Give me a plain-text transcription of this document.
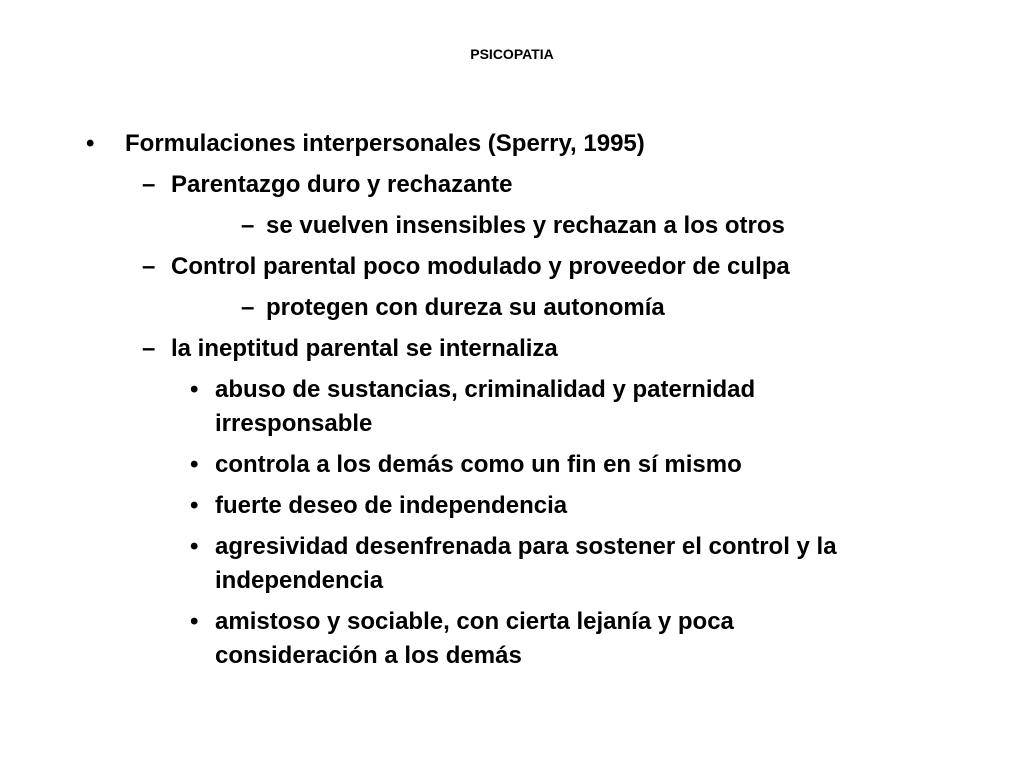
PSICOPATIA
• Formulaciones interpersonales (Sperry, 1995)
– Parentazgo duro y rechazante
– se vuelven insensibles y rechazan a los otros
– Control parental poco modulado y proveedor de culpa
– protegen con dureza su autonomía
– la ineptitud parental se internaliza
• abuso de sustancias, criminalidad y paternidad irresponsable
• controla a los demás como un fin en sí mismo
• fuerte deseo de independencia
• agresividad desenfrenada para sostener el control y la independencia
• amistoso y sociable, con cierta lejanía y poca consideración a los demás
